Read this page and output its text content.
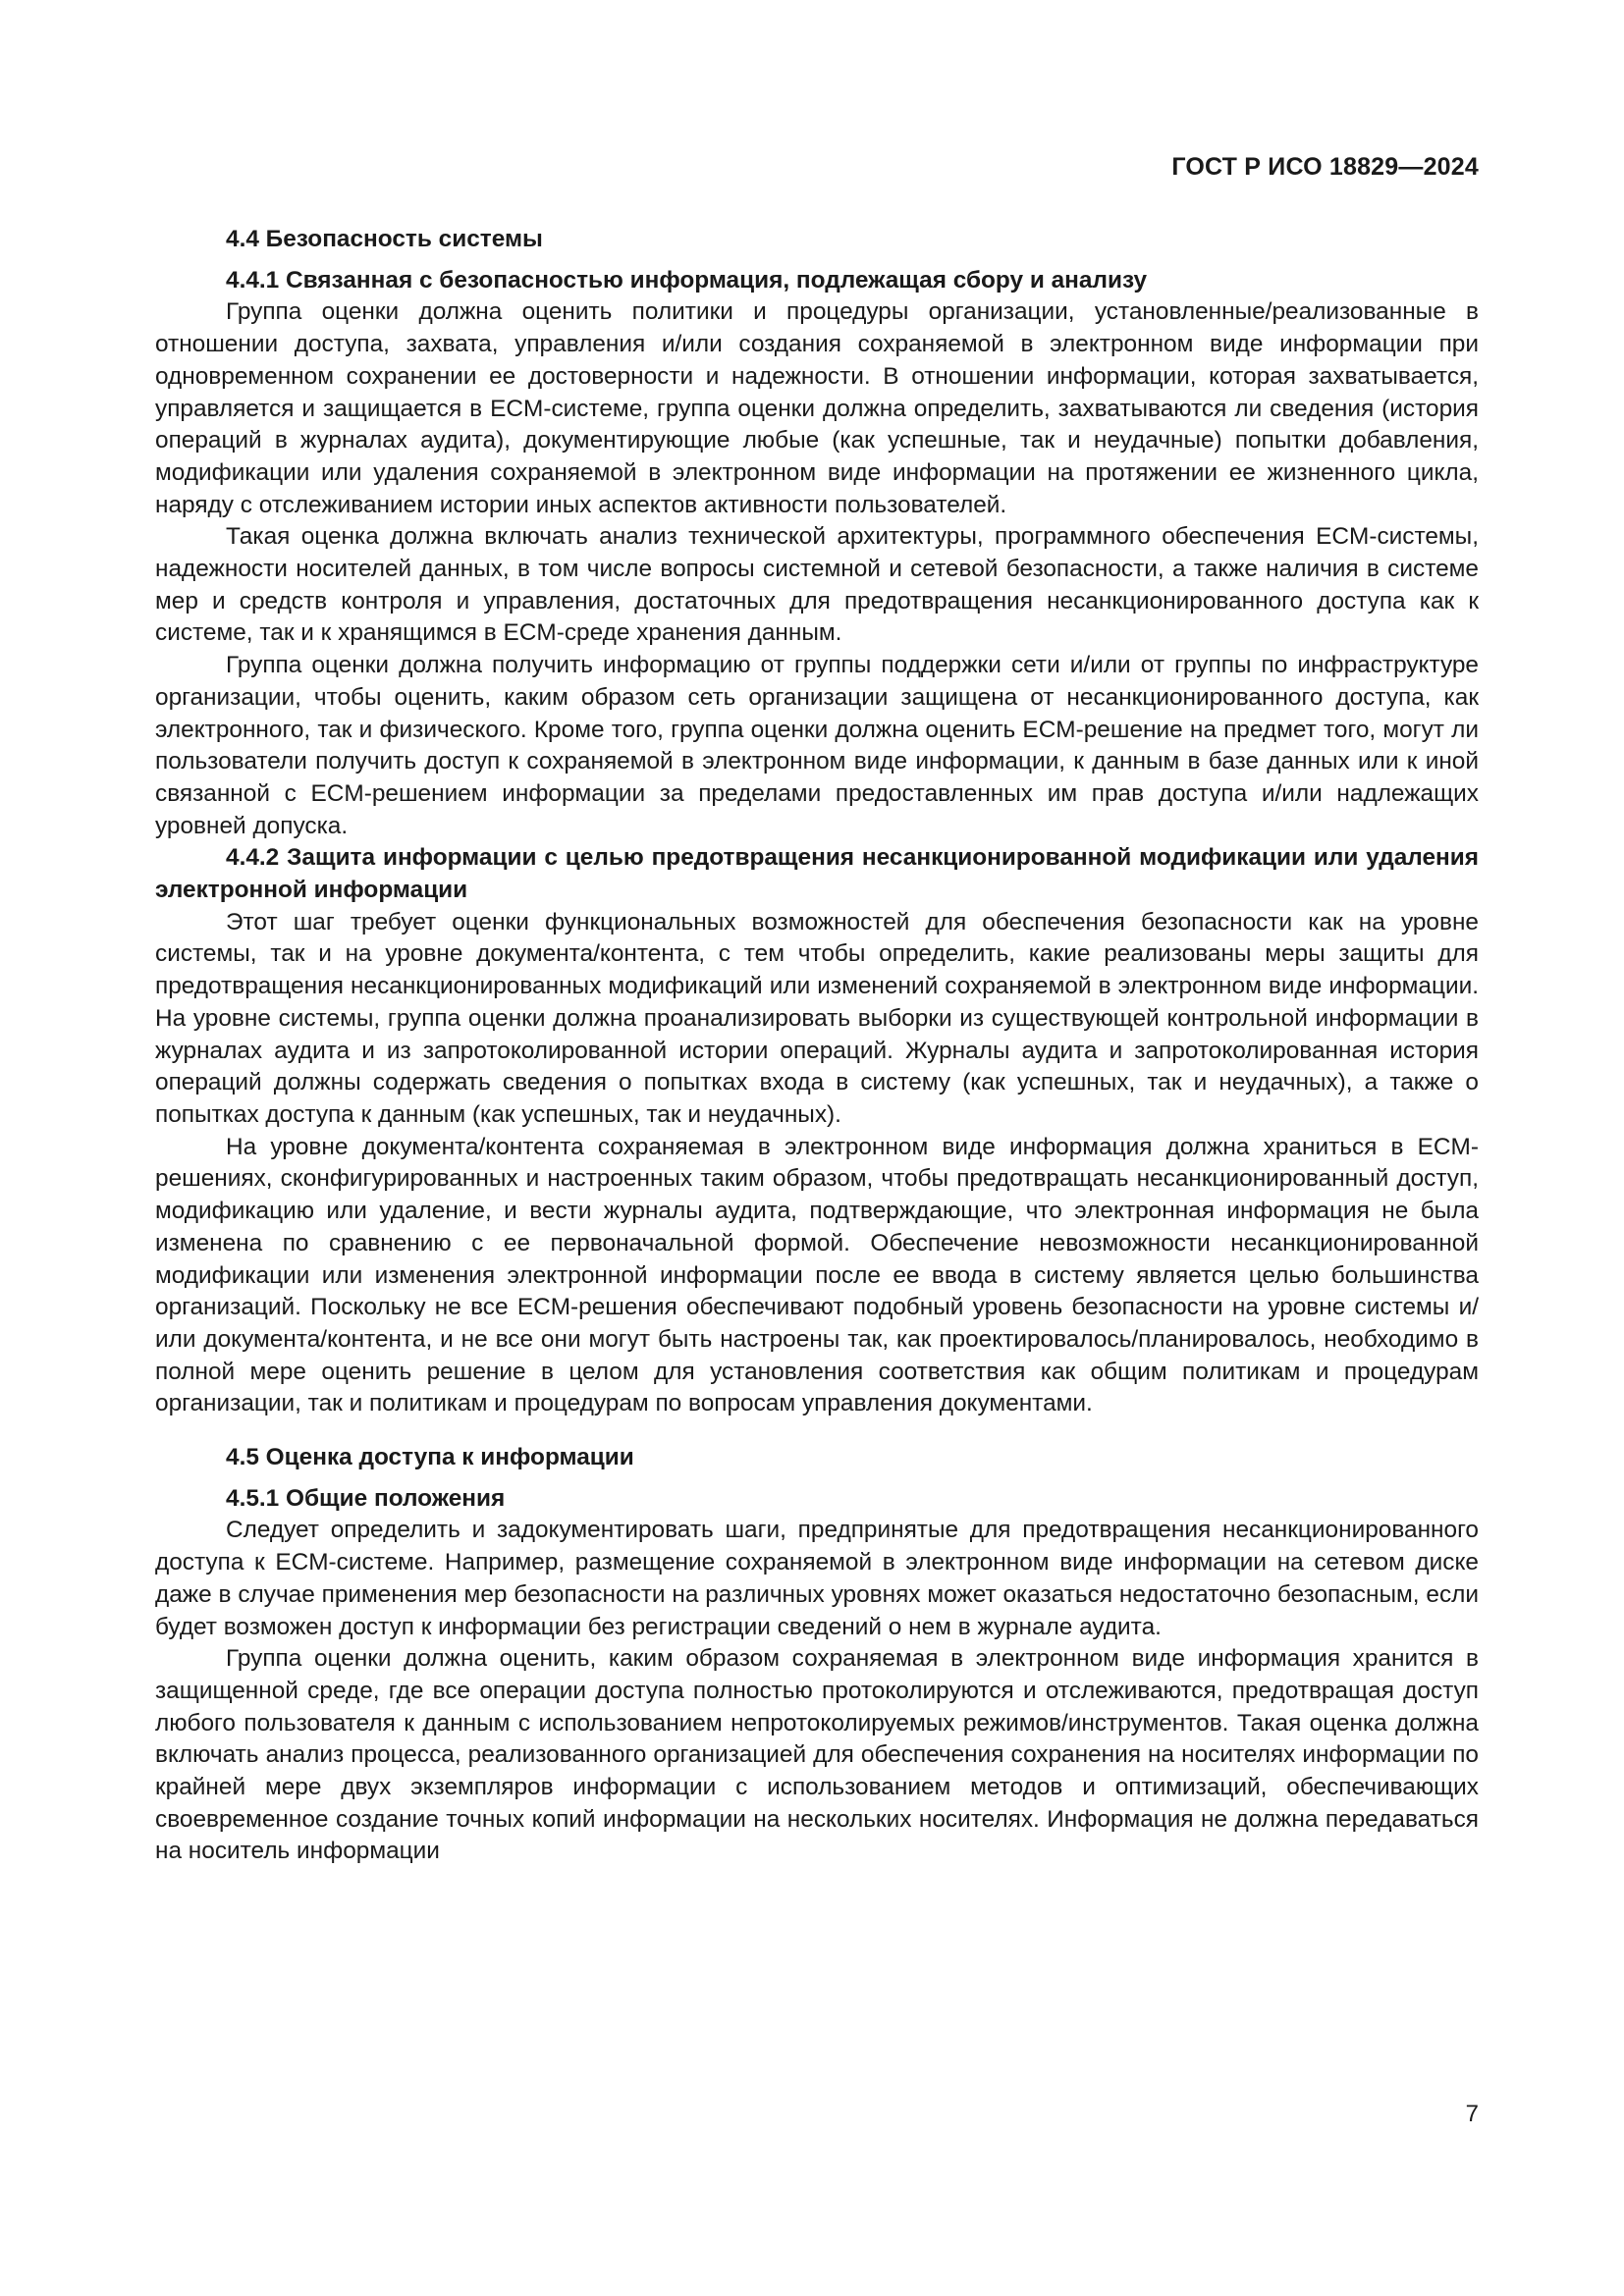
ГОСТ Р ИСО 18829—2024
4.4 Безопасность системы
4.4.1 Связанная с безопасностью информация, подлежащая сбору и анализу

Группа оценки должна оценить политики и процедуры организации, установленные/реализованные в отношении доступа, захвата, управления и/или создания сохраняемой в электронном виде информации при одновременном сохранении ее достоверности и надежности. В отношении информации, которая захватывается, управляется и защищается в ECM-системе, группа оценки должна определить, захватываются ли сведения (история операций в журналах аудита), документирующие любые (как успешные, так и неудачные) попытки добавления, модификации или удаления сохраняемой в электронном виде информации на протяжении ее жизненного цикла, наряду с отслеживанием истории иных аспектов активности пользователей.

Такая оценка должна включать анализ технической архитектуры, программного обеспечения ECM-системы, надежности носителей данных, в том числе вопросы системной и сетевой безопасности, а также наличия в системе мер и средств контроля и управления, достаточных для предотвращения несанкционированного доступа как к системе, так и к хранящимся в ECM-среде хранения данным.

Группа оценки должна получить информацию от группы поддержки сети и/или от группы по инфраструктуре организации, чтобы оценить, каким образом сеть организации защищена от несанкционированного доступа, как электронного, так и физического. Кроме того, группа оценки должна оценить ECM-решение на предмет того, могут ли пользователи получить доступ к сохраняемой в электронном виде информации, к данным в базе данных или к иной связанной с ECM-решением информации за пределами предоставленных им прав доступа и/или надлежащих уровней допуска.

4.4.2 Защита информации с целью предотвращения несанкционированной модификации или удаления электронной информации

Этот шаг требует оценки функциональных возможностей для обеспечения безопасности как на уровне системы, так и на уровне документа/контента, с тем чтобы определить, какие реализованы меры защиты для предотвращения несанкционированных модификаций или изменений сохраняемой в электронном виде информации. На уровне системы, группа оценки должна проанализировать выборки из существующей контрольной информации в журналах аудита и из запротоколированной истории операций. Журналы аудита и запротоколированная история операций должны содержать сведения о попытках входа в систему (как успешных, так и неудачных), а также о попытках доступа к данным (как успешных, так и неудачных).

На уровне документа/контента сохраняемая в электронном виде информация должна храниться в ECM-решениях, сконфигурированных и настроенных таким образом, чтобы предотвращать несанкционированный доступ, модификацию или удаление, и вести журналы аудита, подтверждающие, что электронная информация не была изменена по сравнению с ее первоначальной формой. Обеспечение невозможности несанкционированной модификации или изменения электронной информации после ее ввода в систему является целью большинства организаций. Поскольку не все ECM-решения обеспечивают подобный уровень безопасности на уровне системы и/или документа/контента, и не все они могут быть настроены так, как проектировалось/планировалось, необходимо в полной мере оценить решение в целом для установления соответствия как общим политикам и процедурам организации, так и политикам и процедурам по вопросам управления документами.

4.5 Оценка доступа к информации
4.5.1 Общие положения

Следует определить и задокументировать шаги, предпринятые для предотвращения несанкционированного доступа к ECM-системе. Например, размещение сохраняемой в электронном виде информации на сетевом диске даже в случае применения мер безопасности на различных уровнях может оказаться недостаточно безопасным, если будет возможен доступ к информации без регистрации сведений о нем в журнале аудита.

Группа оценки должна оценить, каким образом сохраняемая в электронном виде информация хранится в защищенной среде, где все операции доступа полностью протоколируются и отслеживаются, предотвращая доступ любого пользователя к данным с использованием непротоколируемых режимов/инструментов. Такая оценка должна включать анализ процесса, реализованного организацией для обеспечения сохранения на носителях информации по крайней мере двух экземпляров информации с использованием методов и оптимизаций, обеспечивающих своевременное создание точных копий информации на нескольких носителях. Информация не должна передаваться на носитель информации

7
